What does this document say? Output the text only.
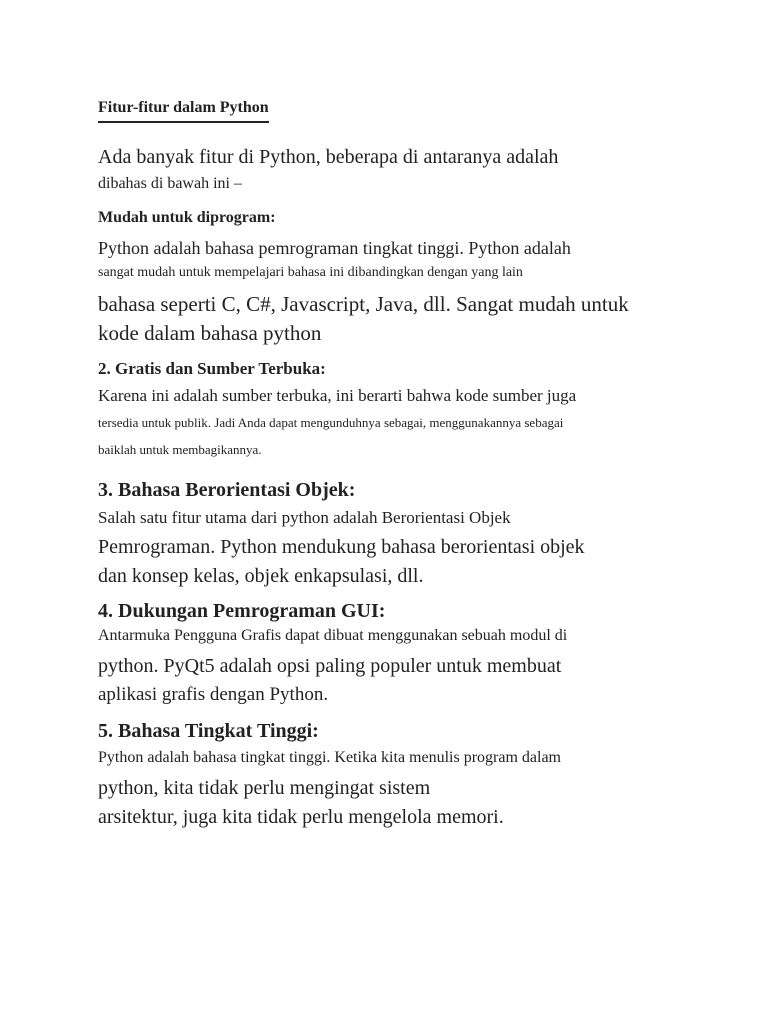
Fitur-fitur dalam Python
Ada banyak fitur di Python, beberapa di antaranya adalah
dibahas di bawah ini –
Mudah untuk diprogram:
Python adalah bahasa pemrograman tingkat tinggi. Python adalah
sangat mudah untuk mempelajari bahasa ini dibandingkan dengan yang lain
bahasa seperti C, C#, Javascript, Java, dll. Sangat mudah untuk
kode dalam bahasa python
2. Gratis dan Sumber Terbuka:
Karena ini adalah sumber terbuka, ini berarti bahwa kode sumber juga
tersedia untuk publik. Jadi Anda dapat mengunduhnya sebagai, menggunakannya sebagai
baiklah untuk membagikannya.
3. Bahasa Berorientasi Objek:
Salah satu fitur utama dari python adalah Berorientasi Objek
Pemrograman. Python mendukung bahasa berorientasi objek
dan konsep kelas, objek enkapsulasi, dll.
4. Dukungan Pemrograman GUI:
Antarmuka Pengguna Grafis dapat dibuat menggunakan sebuah modul di
python. PyQt5 adalah opsi paling populer untuk membuat
aplikasi grafis dengan Python.
5. Bahasa Tingkat Tinggi:
Python adalah bahasa tingkat tinggi. Ketika kita menulis program dalam
python, kita tidak perlu mengingat sistem
arsitektur, juga kita tidak perlu mengelola memori.
